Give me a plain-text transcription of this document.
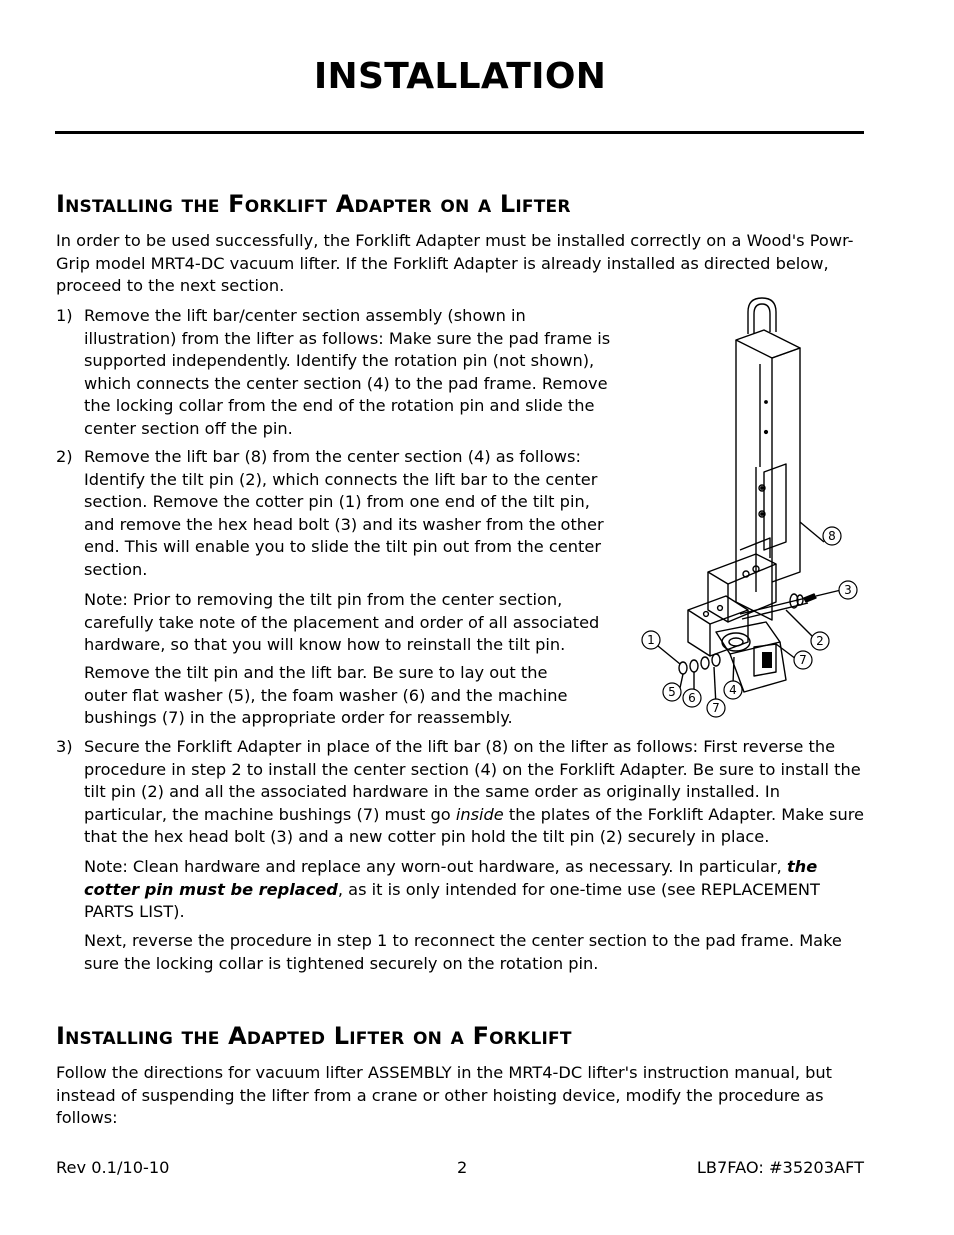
INSTALLATION
Installing the Forklift Adapter on a Lifter

In order to be used successfully, the Forklift Adapter must be installed correctly on a Wood's Powr-Grip model MRT4-DC vacuum lifter. If the Forklift Adapter is already installed as directed below, proceed to the next section.

1) Remove the lift bar/center section assembly (shown in illustration) from the lifter as follows: Make sure the pad frame is supported independently. Identify the rotation pin (not shown), which connects the center section (4) to the pad frame. Remove the locking collar from the end of the rotation pin and slide the center section off the pin.
2) Remove the lift bar (8) from the center section (4) as follows: Identify the tilt pin (2), which connects the lift bar to the center section. Remove the cotter pin (1) from one end of the tilt pin, and remove the hex head bolt (3) and its washer from the other end. This will enable you to slide the tilt pin out from the center section.

Note: Prior to removing the tilt pin from the center section, carefully take note of the placement and order of all associated hardware, so that you will know how to reinstall the tilt pin.

Remove the tilt pin and the lift bar. Be sure to lay out the outer flat washer (5), the foam washer (6) and the machine bushings (7) in the appropriate order for reassembly.

3) Secure the Forklift Adapter in place of the lift bar (8) on the lifter as follows: First reverse the procedure in step 2 to install the center section (4) on the Forklift Adapter. Be sure to install the tilt pin (2) and all the associated hardware in the same order as originally installed. In particular, the machine bushings (7) must go inside the plates of the Forklift Adapter. Make sure that the hex head bolt (3) and a new cotter pin hold the tilt pin (2) securely in place.

Note: Clean hardware and replace any worn-out hardware, as necessary. In particular, the cotter pin must be replaced, as it is only intended for one-time use (see REPLACEMENT PARTS LIST).

Next, reverse the procedure in step 1 to reconnect the center section to the pad frame. Make sure the locking collar is tightened securely on the rotation pin.

1	2
3
4
5 6
7
7
8
Installing the Adapted Lifter on a Forklift

Follow the directions for vacuum lifter ASSEMBLY in the MRT4-DC lifter's instruction manual, but instead of suspending the lifter from a crane or other hoisting device, modify the procedure as follows:

Rev 0.1/10-10	2	LB7FAO: #35203AFT
